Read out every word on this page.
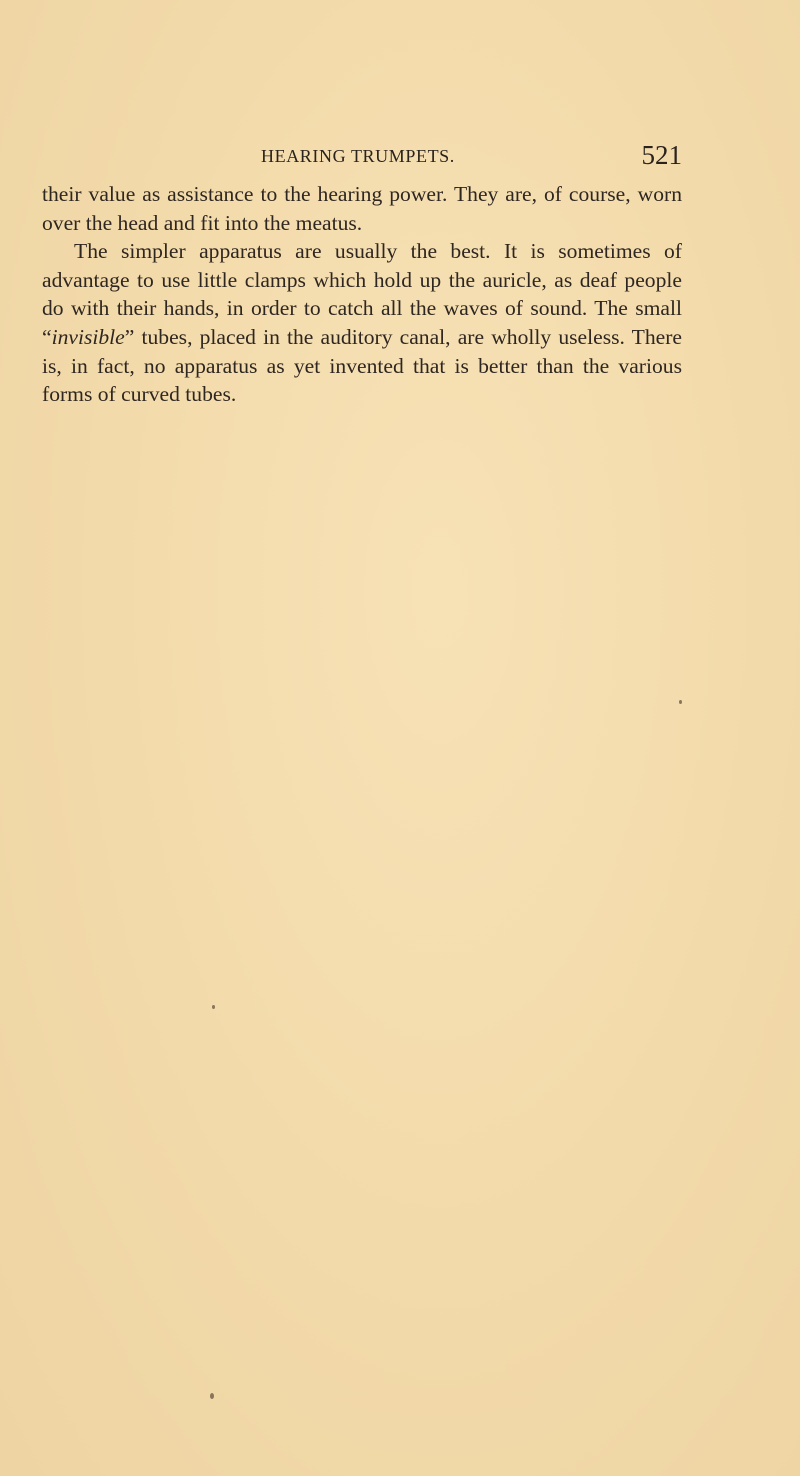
HEARING TRUMPETS.	521

their value as assistance to the hearing power. They are, of course, worn over the head and fit into the meatus.

The simpler apparatus are usually the best. It is sometimes of advantage to use little clamps which hold up the auricle, as deaf people do with their hands, in order to catch all the waves of sound. The small “invisible” tubes, placed in the auditory canal, are wholly useless. There is, in fact, no apparatus as yet invented that is better than the various forms of curved tubes.
